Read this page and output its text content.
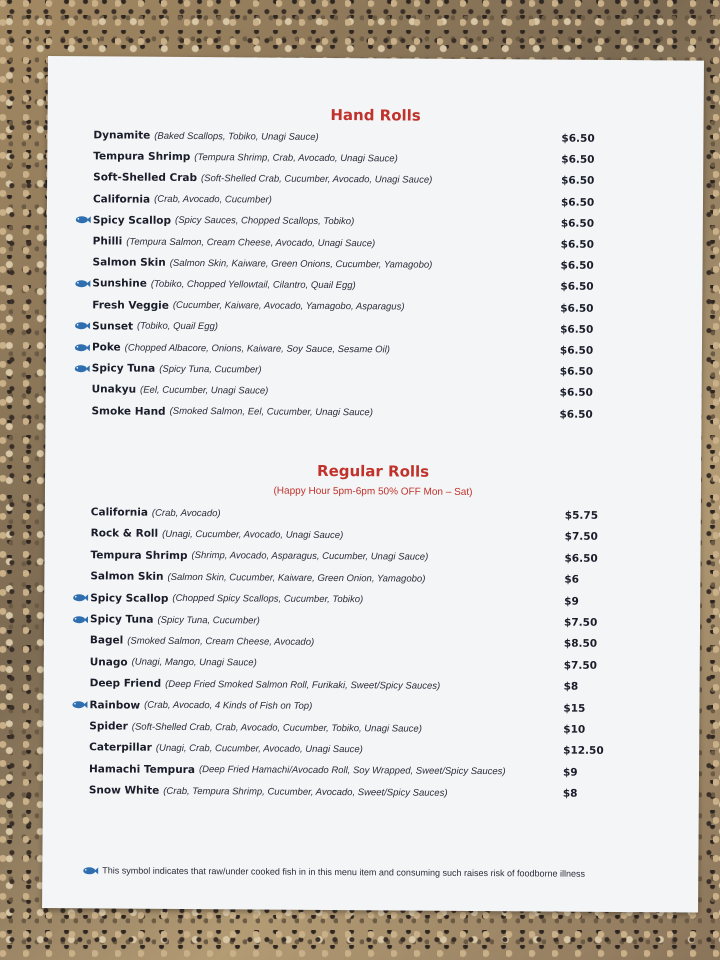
Hand Rolls
Dynamite (Baked Scallops, Tobiko, Unagi Sauce)	$6.50
Tempura Shrimp (Tempura Shrimp, Crab, Avocado, Unagi Sauce)	$6.50
Soft-Shelled Crab (Soft-Shelled Crab, Cucumber, Avocado, Unagi Sauce)	$6.50
California (Crab, Avocado, Cucumber)	$6.50
Spicy Scallop (Spicy Sauces, Chopped Scallops, Tobiko)	$6.50
Philli (Tempura Salmon, Cream Cheese, Avocado, Unagi Sauce)	$6.50
Salmon Skin (Salmon Skin, Kaiware, Green Onions, Cucumber, Yamagobo)	$6.50
Sunshine (Tobiko, Chopped Yellowtail, Cilantro, Quail Egg)	$6.50
Fresh Veggie (Cucumber, Kaiware, Avocado, Yamagobo, Asparagus)	$6.50
Sunset (Tobiko, Quail Egg)	$6.50
Poke (Chopped Albacore, Onions, Kaiware, Soy Sauce, Sesame Oil)	$6.50
Spicy Tuna (Spicy Tuna, Cucumber)	$6.50
Unakyu (Eel, Cucumber, Unagi Sauce)	$6.50
Smoke Hand (Smoked Salmon, Eel, Cucumber, Unagi Sauce)	$6.50
Regular Rolls
(Happy Hour 5pm-6pm 50% OFF Mon – Sat)
California (Crab, Avocado)	$5.75
Rock & Roll (Unagi, Cucumber, Avocado, Unagi Sauce)	$7.50
Tempura Shrimp (Shrimp, Avocado, Asparagus, Cucumber, Unagi Sauce)	$6.50
Salmon Skin (Salmon Skin, Cucumber, Kaiware, Green Onion, Yamagobo)	$6
Spicy Scallop (Chopped Spicy Scallops, Cucumber, Tobiko)	$9
Spicy Tuna (Spicy Tuna, Cucumber)	$7.50
Bagel (Smoked Salmon, Cream Cheese, Avocado)	$8.50
Unago (Unagi, Mango, Unagi Sauce)	$7.50
Deep Friend (Deep Fried Smoked Salmon Roll, Furikaki, Sweet/Spicy Sauces)	$8
Rainbow (Crab, Avocado, 4 Kinds of Fish on Top)	$15
Spider (Soft-Shelled Crab, Crab, Avocado, Cucumber, Tobiko, Unagi Sauce)	$10
Caterpillar (Unagi, Crab, Cucumber, Avocado, Unagi Sauce)	$12.50
Hamachi Tempura (Deep Fried Hamachi/Avocado Roll, Soy Wrapped, Sweet/Spicy Sauces)	$9
Snow White (Crab, Tempura Shrimp, Cucumber, Avocado, Sweet/Spicy Sauces)	$8
This symbol indicates that raw/under cooked fish in in this menu item and consuming such raises risk of foodborne illness
